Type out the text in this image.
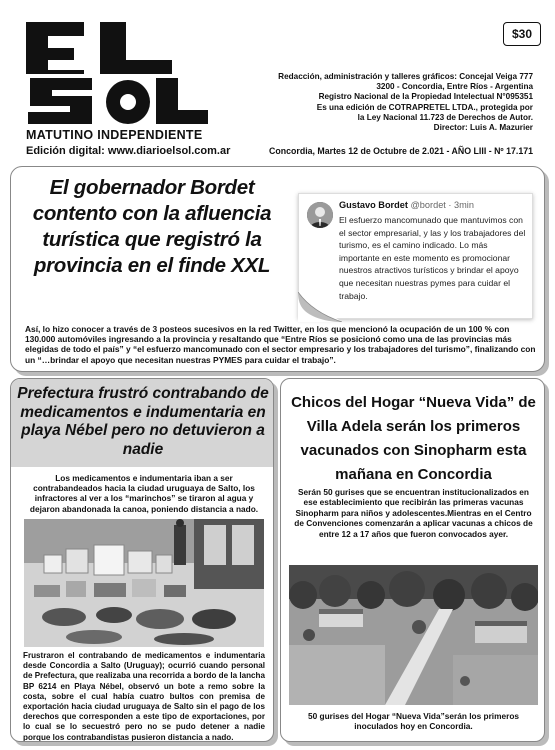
MATUTINO INDEPENDIENTE
Edición digital: www.diarioelsol.com.ar
$30
Redacción, administración y talleres gráficos: Concejal Veiga 777
3200 - Concordia, Entre Ríos - Argentina
Registro Nacional de la Propiedad Intelectual N°095351
Es una edición de COTRAPRETEL LTDA., protegida por
la Ley Nacional 11.723 de Derechos de Autor.
Director: Luis A. Mazurier
Concordia, Martes 12 de Octubre de 2.021 - AÑO LIII - Nº 17.171
El gobernador Bordet contento con la afluencia turística que registró la provincia en el finde XXL
Gustavo Bordet @bordet · 3min
El esfuerzo mancomunado que mantuvimos con el sector empresarial, y las y los trabajadores del turismo, es el camino indicado. Lo más importante en este momento es promocionar nuestros atractivos turísticos y brindar el apoyo que necesitan nuestras pymes para cuidar el trabajo.

Así, lo hizo conocer a través de 3 posteos sucesivos en la red Twitter, en los que mencionó la ocupación de un 100 % con 130.000 automóviles ingresando a la provincia y resaltando que “Entre Ríos se posicionó como una de las provincias más elegidas de todo el país” y “el esfuerzo mancomunado con el sector empresario y los trabajadores del turismo”, finalizando con un “…brindar el apoyo que necesitan nuestras PYMES para cuidar el trabajo”.

Prefectura frustró contrabando de medicamentos e indumentaria en playa Nébel pero no detuvieron a nadie

Los medicamentos e indumentaria iban a ser contrabandeados hacia la ciudad uruguaya de Salto, los infractores al ver a los “marinchos” se tiraron al agua y dejaron abandonada la canoa, poniendo distancia a nado.

Frustraron el contrabando de medicamentos e indumentaria desde Concordia a Salto (Uruguay); ocurrió cuando personal de Prefectura, que realizaba una recorrida a bordo de la lancha BP 6214 en Playa Nébel, observó un bote a remo sobre la costa, sobre el cual había cuatro bultos con premisa de exportación hacia ciudad uruguaya de Salto sin el pago de los derechos que corresponden a este tipo de exportaciones, por lo cual se lo secuestró pero no se pudo detener a nadie porque los contrabandistas pusieron distancia a nado.

Chicos del Hogar “Nueva Vida” de Villa Adela serán los primeros vacunados con Sinopharm esta mañana en Concordia

Serán 50 gurises que se encuentran institucionalizados en ese establecimiento que recibirán las primeras vacunas Sinopharm para niños y adolescentes.Mientras en el Centro de Convenciones comenzarán a aplicar vacunas a chicos de entre 12 a 17 años que fueron convocados ayer.

50 gurises del Hogar “Nueva Vida”serán los primeros inoculados hoy en Concordia.
